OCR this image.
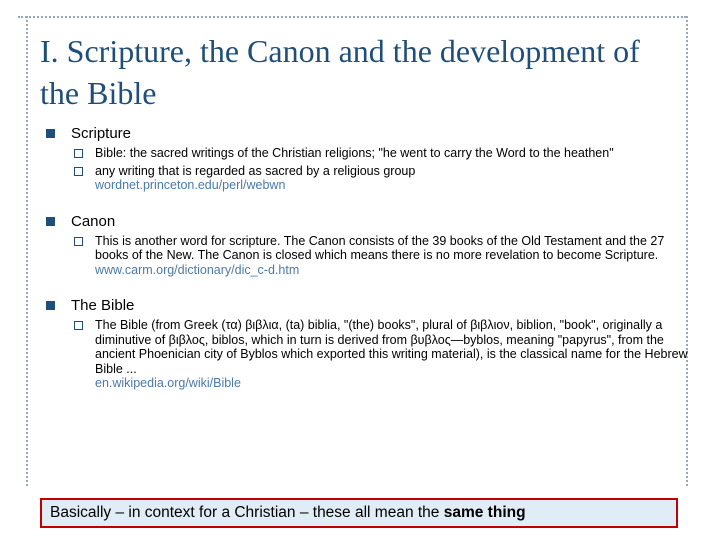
I. Scripture, the Canon and the development of the Bible
Scripture
Bible: the sacred writings of the Christian religions; "he went to carry the Word to the heathen"
any writing that is regarded as sacred by a religious group
wordnet.princeton.edu/perl/webwn
Canon
This is another word for scripture. The Canon consists of the 39 books of the Old Testament and the 27 books of the New. The Canon is closed which means there is no more revelation to become Scripture.
www.carm.org/dictionary/dic_c-d.htm
The Bible
The Bible (from Greek (τα) βιβλια, (ta) biblia, "(the) books", plural of βιβλιον, biblion, "book", originally a diminutive of βιβλος, biblos, which in turn is derived from βυβλος—byblos, meaning "papyrus", from the ancient Phoenician city of Byblos which exported this writing material), is the classical name for the Hebrew Bible ...
en.wikipedia.org/wiki/Bible
Basically – in context for a Christian – these all mean the same thing
